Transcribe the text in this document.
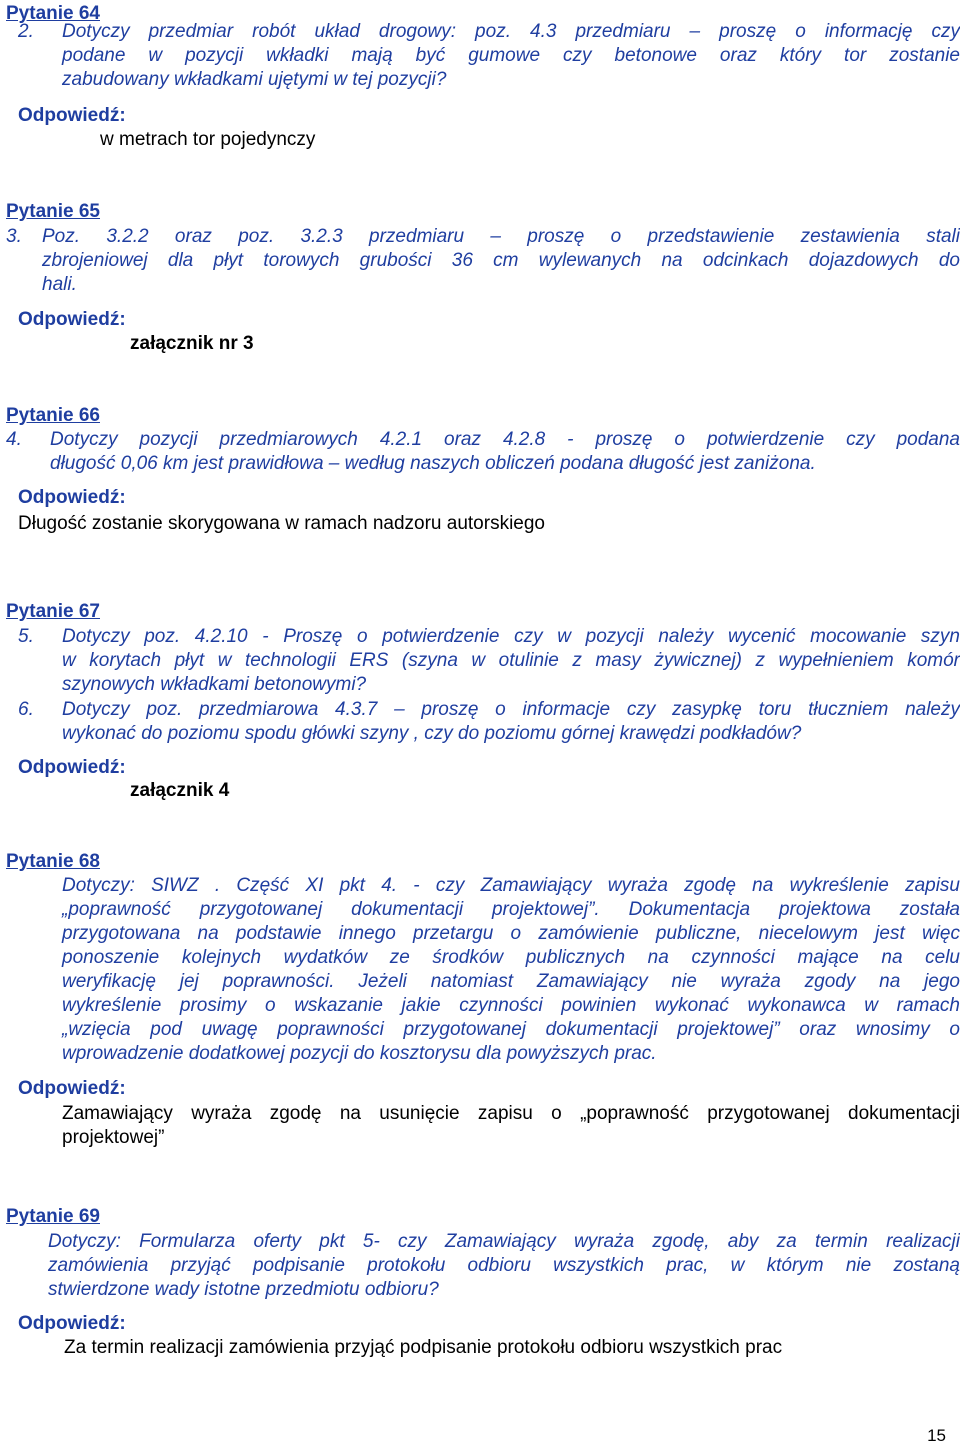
Pytanie 64
2.	Dotyczy przedmiar robót układ drogowy: poz. 4.3 przedmiaru – proszę o informację czy
podane w pozycji wkładki mają być gumowe czy betonowe oraz który tor zostanie
zabudowany wkładkami ujętymi w tej pozycji?
Odpowiedź:
w metrach tor pojedynczy
Pytanie 65
3.	Poz. 3.2.2 oraz poz. 3.2.3 przedmiaru – proszę o przedstawienie zestawienia stali
zbrojeniowej dla płyt torowych grubości 36 cm wylewanych na odcinkach dojazdowych do
hali.
Odpowiedź:
załącznik nr 3
Pytanie 66
4.	Dotyczy pozycji przedmiarowych 4.2.1 oraz 4.2.8 - proszę o potwierdzenie czy podana
długość 0,06 km jest prawidłowa – według naszych obliczeń podana długość jest zaniżona.
Odpowiedź:
Długość zostanie skorygowana w ramach nadzoru autorskiego
Pytanie 67
5.	Dotyczy poz. 4.2.10 - Proszę o potwierdzenie czy w pozycji należy wycenić mocowanie szyn
w korytach płyt w technologii ERS (szyna w otulinie z masy żywicznej) z wypełnieniem komór
szynowych wkładkami betonowymi?
6.	Dotyczy poz. przedmiarowa 4.3.7 – proszę o informacje czy zasypkę toru tłuczniem należy
wykonać do poziomu spodu główki szyny , czy do poziomu górnej krawędzi podkładów?
Odpowiedź:
załącznik 4
Pytanie 68
Dotyczy: SIWZ . Część XI pkt 4. - czy Zamawiający wyraża zgodę na wykreślenie zapisu
„poprawność przygotowanej dokumentacji projektowej”. Dokumentacja projektowa została
przygotowana na podstawie innego przetargu o zamówienie publiczne, niecelowym jest więc
ponoszenie kolejnych wydatków ze środków publicznych na czynności mające na celu
weryfikację jej poprawności. Jeżeli natomiast Zamawiający nie wyraża zgody na jego
wykreślenie prosimy o wskazanie jakie czynności powinien wykonać wykonawca w ramach
„wzięcia pod uwagę poprawności przygotowanej dokumentacji projektowej” oraz wnosimy o
wprowadzenie dodatkowej pozycji do kosztorysu dla powyższych prac.
Odpowiedź:
Zamawiający wyraża zgodę na usunięcie zapisu o „poprawność przygotowanej dokumentacji
projektowej”
Pytanie 69
Dotyczy: Formularza oferty pkt 5- czy Zamawiający wyraża zgodę, aby za termin realizacji
zamówienia przyjąć podpisanie protokołu odbioru wszystkich prac, w którym nie zostaną
stwierdzone wady istotne przedmiotu odbioru?
Odpowiedź:
Za termin realizacji zamówienia przyjąć podpisanie protokołu odbioru wszystkich prac
15
